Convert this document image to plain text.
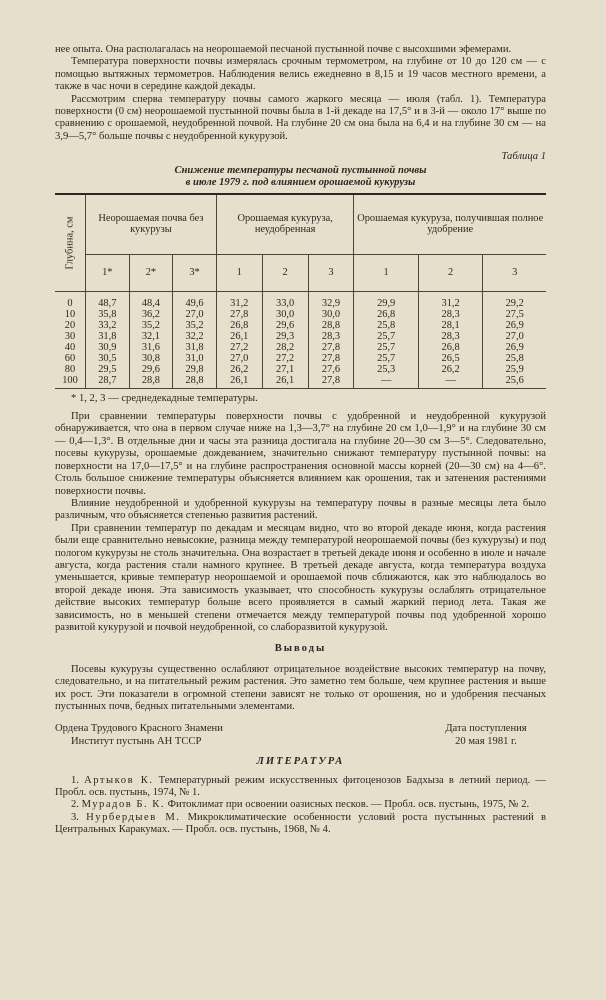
нее опыта. Она располагалась на неорошаемой песчаной пустынной почве с высохшими эфемерами.

Температура поверхности почвы измерялась срочным термометром, на глубине от 10 до 120 см — с помощью вытяжных термометров. Наблюдения велись ежедневно в 8,15 и 19 часов местного времени, а также в час ночи в середине каждой декады.

Рассмотрим сперва температуру почвы самого жаркого месяца — июля (табл. 1). Температура поверхности (0 см) неорошаемой пустынной почвы была в 1-й декаде на 17,5° и в 3-й — около 17° выше по сравнению с орошаемой, неудобренной почвой. На глубине 20 см она была на 6,4 и на глубине 30 см — на 3,9—5,7° больше почвы с неудобренной кукурузой.

Таблица 1
Снижение температуры песчаной пустынной почвы
в июле 1979 г. под влиянием орошаемой кукурузы
Глубина, см	Неорошаемая почва без кукурузы			Орошаемая кукуруза, неудобренная			Орошаемая кукуруза, получившая полное удобрение		
	1*	2*	3*	1	2	3	1	2	3
0	48,7	48,4	49,6	31,2	33,0	32,9	29,9	31,2	29,2
10	35,8	36,2	27,0	27,8	30,0	30,0	26,8	28,3	27,5
20	33,2	35,2	35,2	26,8	29,6	28,8	25,8	28,1	26,9
30	31,8	32,1	32,2	26,1	29,3	28,3	25,7	28,3	27,0
40	30,9	31,6	31,8	27,2	28,2	27,8	25,7	26,8	26,9
60	30,5	30,8	31,0	27,0	27,2	27,8	25,7	26,5	25,8
80	29,5	29,6	29,8	26,2	27,1	27,6	25,3	26,2	25,9
100	28,7	28,8	28,8	26,1	26,1	27,8	—	—	25,6

* 1, 2, 3 — среднедекадные температуры.

При сравнении температуры поверхности почвы с удобренной и неудобренной кукурузой обнаруживается, что она в первом случае ниже на 1,3—3,7° на глубине 20 см 1,0—1,9° и на глубине 30 см — 0,4—1,3°. В отдельные дни и часы эта разница достигала на глубине 20—30 см 3—5°. Следовательно, посевы кукурузы, орошаемые дождеванием, значительно снижают температуру пустынной почвы: на поверхности на 17,0—17,5° и на глубине распространения основной массы корней (20—30 см) на 4—6°. Столь большое снижение температуры объясняется влиянием как орошения, так и затенения растениями поверхности почвы.

Влияние неудобренной и удобренной кукурузы на температуру почвы в разные месяцы лета было различным, что объясняется степенью развития растений.

При сравнении температур по декадам и месяцам видно, что во второй декаде июня, когда растения были еще сравнительно невысокие, разница между температурой неорошаемой почвы (без кукурузы) и под пологом кукурузы не столь значительна. Она возрастает в третьей декаде июня и особенно в июле и начале августа, когда растения стали намного крупнее. В третьей декаде августа, когда температура воздуха уменьшается, кривые температур неорошаемой и орошаемой почв сближаются, как это наблюдалось во второй декаде июня. Эта зависимость указывает, что способность кукурузы ослаблять отрицательное действие высоких температур больше всего проявляется в самый жаркий период лета. Такая же зависимость, но в меньшей степени отмечается между температурой почвы под удобренной хорошо развитой кукурузой и почвой неудобренной, со слаборазвитой кукурузой.

Выводы

Посевы кукурузы существенно ослабляют отрицательное воздействие высоких температур на почву, следовательно, и на питательный режим растения. Это заметно тем больше, чем крупнее растения и выше их рост. Эти показатели в огромной степени зависят не только от орошения, но и удобрения песчаных пустынных почв, бедных питательными элементами.

Ордена Трудового Красного Знамени
Институт пустынь АН ТССР
Дата поступления
20 мая 1981 г.
ЛИТЕРАТУРА

1. Артыков К. Температурный режим искусственных фитоценозов Бадхыза в летний период. — Пробл. осв. пустынь, 1974, № 1.

2. Мурадов Б. К. Фитоклимат при освоении оазисных песков. — Пробл. осв. пустынь, 1975, № 2.

3. Нурбердыев М. Микроклиматические особенности условий роста пустынных растений в Центральных Каракумах. — Пробл. осв. пустынь, 1968, № 4.
